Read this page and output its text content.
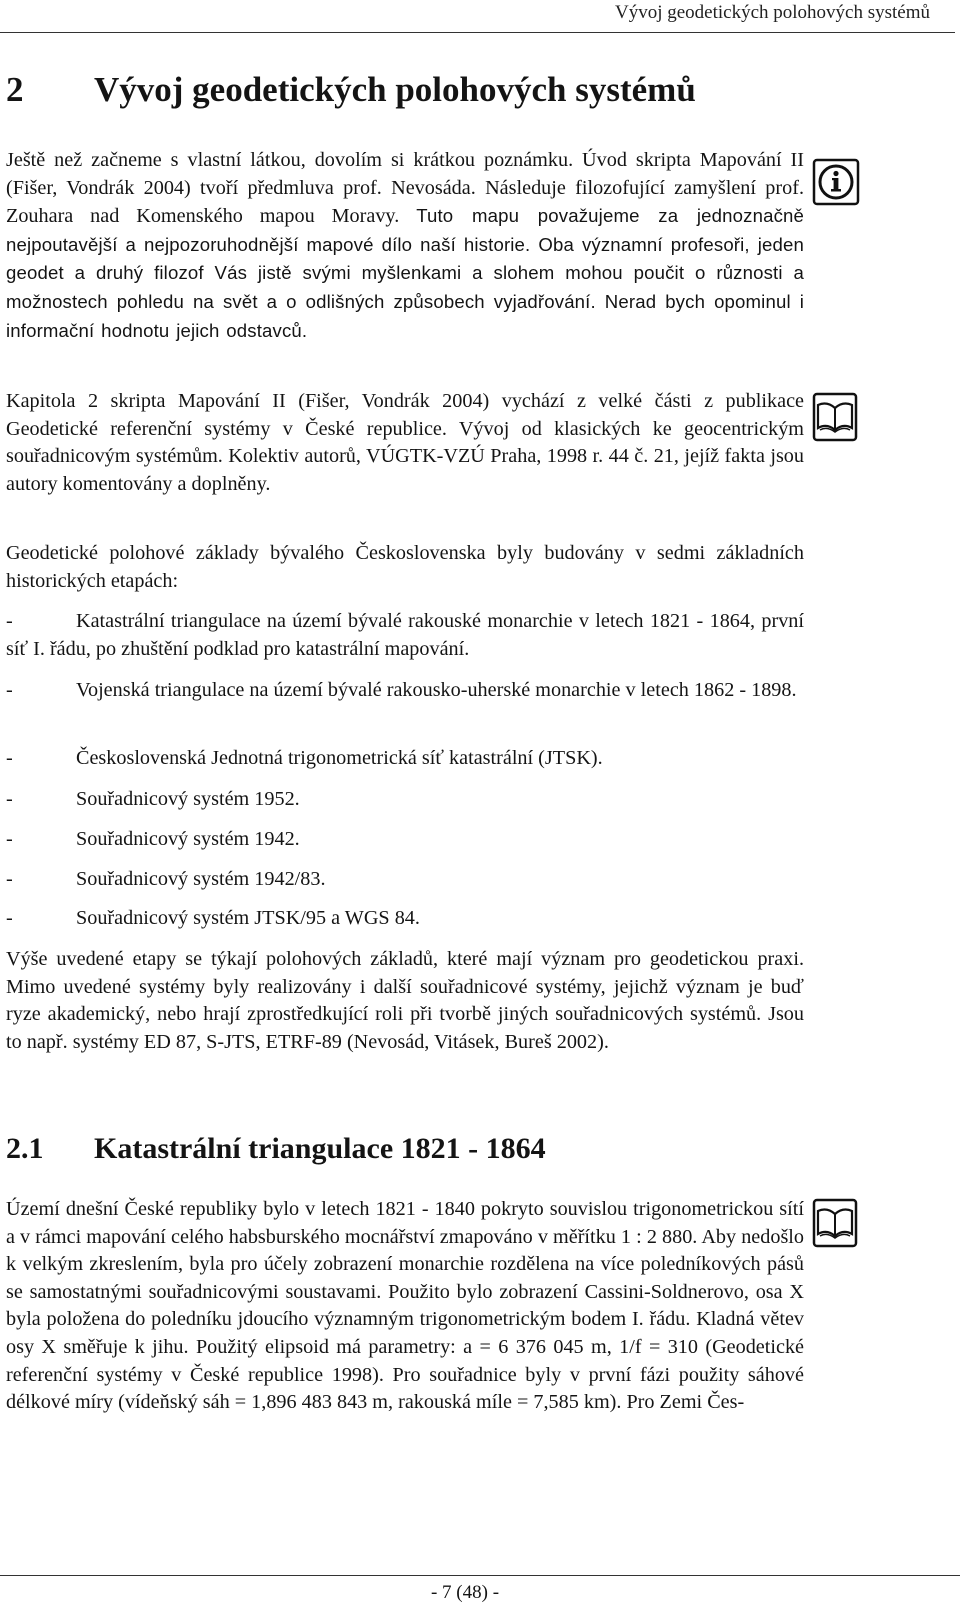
Vývoj geodetických polohových systémů
2 Vývoj geodetických polohových systémů

Ještě než začneme s vlastní látkou, dovolím si krátkou poznámku. Úvod skripta Mapování II (Fišer, Vondrák 2004) tvoří předmluva prof. Nevosáda. Následuje filozofující zamyšlení prof. Zouhara nad Komenského mapou Moravy. Tuto mapu považujeme za jednoznačně nejpoutavější a nejpozoruhodnější mapové dílo naší historie. Oba významní profesoři, jeden geodet a druhý filozof Vás jistě svými myšlenkami a slohem mohou poučit o různosti a možnostech pohledu na svět a o odlišných způsobech vyjadřování. Nerad bych opominul i informační hodnotu jejich odstavců.

Kapitola 2 skripta Mapování II (Fišer, Vondrák 2004) vychází z velké části z publikace Geodetické referenční systémy v České republice. Vývoj od klasických ke geocentrickým souřadnicovým systémům. Kolektiv autorů, VÚGTK-VZÚ Praha, 1998 r. 44 č. 21, jejíž fakta jsou autory komentovány a doplněny.

Geodetické polohové základy bývalého Československa byly budovány v sedmi základních historických etapách:

-	Katastrální triangulace na území bývalé rakouské monarchie v letech 1821 - 1864, první síť I. řádu, po zhuštění podklad pro katastrální mapování.
-	Vojenská triangulace na území bývalé rakousko-uherské monarchie v letech 1862 - 1898.
-	Československá Jednotná trigonometrická síť katastrální (JTSK).
-	Souřadnicový systém 1952.
-	Souřadnicový systém 1942.
-	Souřadnicový systém 1942/83.
-	Souřadnicový systém JTSK/95 a WGS 84.

Výše uvedené etapy se týkají polohových základů, které mají význam pro geodetickou praxi. Mimo uvedené systémy byly realizovány i další souřadnicové systémy, jejichž význam je buď ryze akademický, nebo hrají zprostředkující roli při tvorbě jiných souřadnicových systémů. Jsou to např. systémy ED 87, S-JTS, ETRF-89 (Nevosád, Vitásek, Bureš 2002).

2.1 Katastrální triangulace 1821 - 1864

Území dnešní České republiky bylo v letech 1821 - 1840 pokryto souvislou trigonometrickou sítí a v rámci mapování celého habsburského mocnářství zmapováno v měřítku 1 : 2 880. Aby nedošlo k velkým zkreslením, byla pro účely zobrazení monarchie rozdělena na více poledníkových pásů se samostatnými souřadnicovými soustavami. Použito bylo zobrazení Cassini-Soldnerovo, osa X byla položena do poledníku jdoucího významným trigonometrickým bodem I. řádu. Kladná větev osy X směřuje k jihu. Použitý elipsoid má parametry: a = 6 376 045 m, 1/f = 310 (Geodetické referenční systémy v České republice 1998). Pro souřadnice byly v první fázi použity sáhové délkové míry (vídeňský sáh = 1,896 483 843 m, rakouská míle = 7,585 km). Pro Zemi Čes-

- 7 (48) -
